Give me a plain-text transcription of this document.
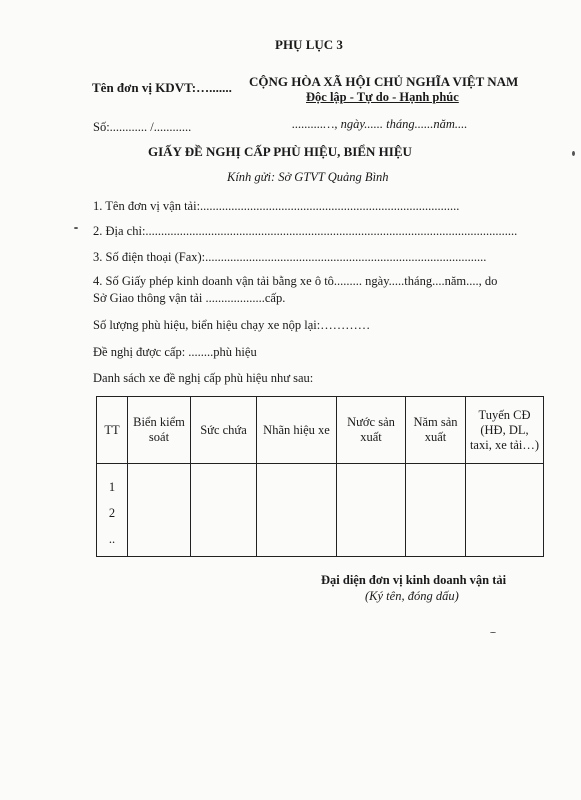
PHỤ LỤC 3
Tên đơn vị KDVT:…....... CỘNG HÒA XÃ HỘI CHỦ NGHĨA VIỆT NAM
Độc lập - Tự do - Hạnh phúc
Số:............ /............	..........…, ngày...... tháng......năm....
GIẤY ĐỀ NGHỊ CẤP PHÙ HIỆU, BIỂN HIỆU
Kính gửi: Sở GTVT Quảng Bình
1. Tên đơn vị vận tải:...................................................................................
2. Địa chỉ:.......................................................................................................................
3. Số điện thoại (Fax):..........................................................................................
4. Số Giấy phép kinh doanh vận tải bằng xe ô tô......... ngày.....tháng....năm...., do
Sở Giao thông vận tải ...................cấp.
Số lượng phù hiệu, biển hiệu chạy xe nộp lại:…………
Đề nghị được cấp: ........phù hiệu
Danh sách xe đề nghị cấp phù hiệu như sau:
TT	Biển kiểm soát	Sức chứa	Nhãn hiệu xe	Nước sản xuất	Năm sản xuất	Tuyến CĐ (HĐ, DL, taxi, xe tải…)

1
2
..						

Đại diện đơn vị kinh doanh vận tải
(Ký tên, đóng dấu)
